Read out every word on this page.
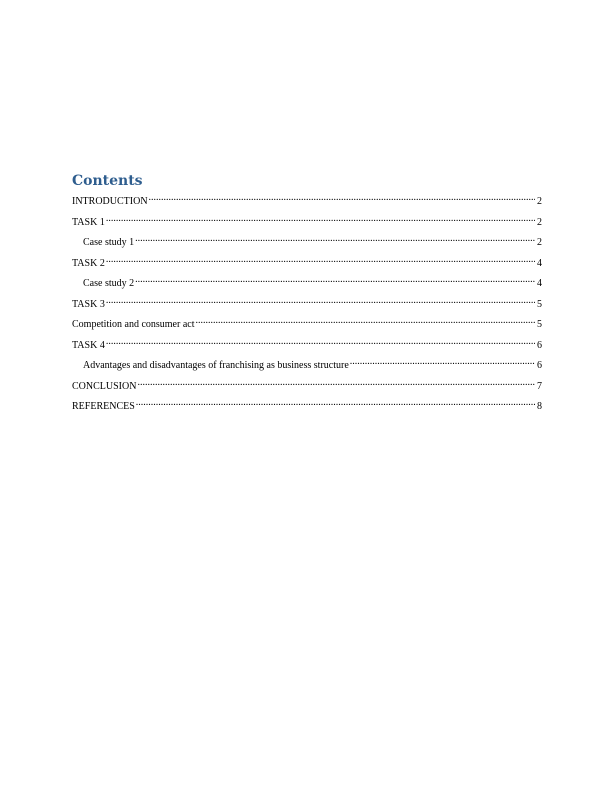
Contents
INTRODUCTION .....	2
TASK 1 .....	2
Case study 1 .....	2
TASK 2 .....	4
Case study 2 .....	4
TASK 3 .....	5
Competition and consumer act .....	5
TASK 4 .....	6
Advantages and disadvantages of franchising as business structure .....	6
CONCLUSION .....	7
REFERENCES .....	8
